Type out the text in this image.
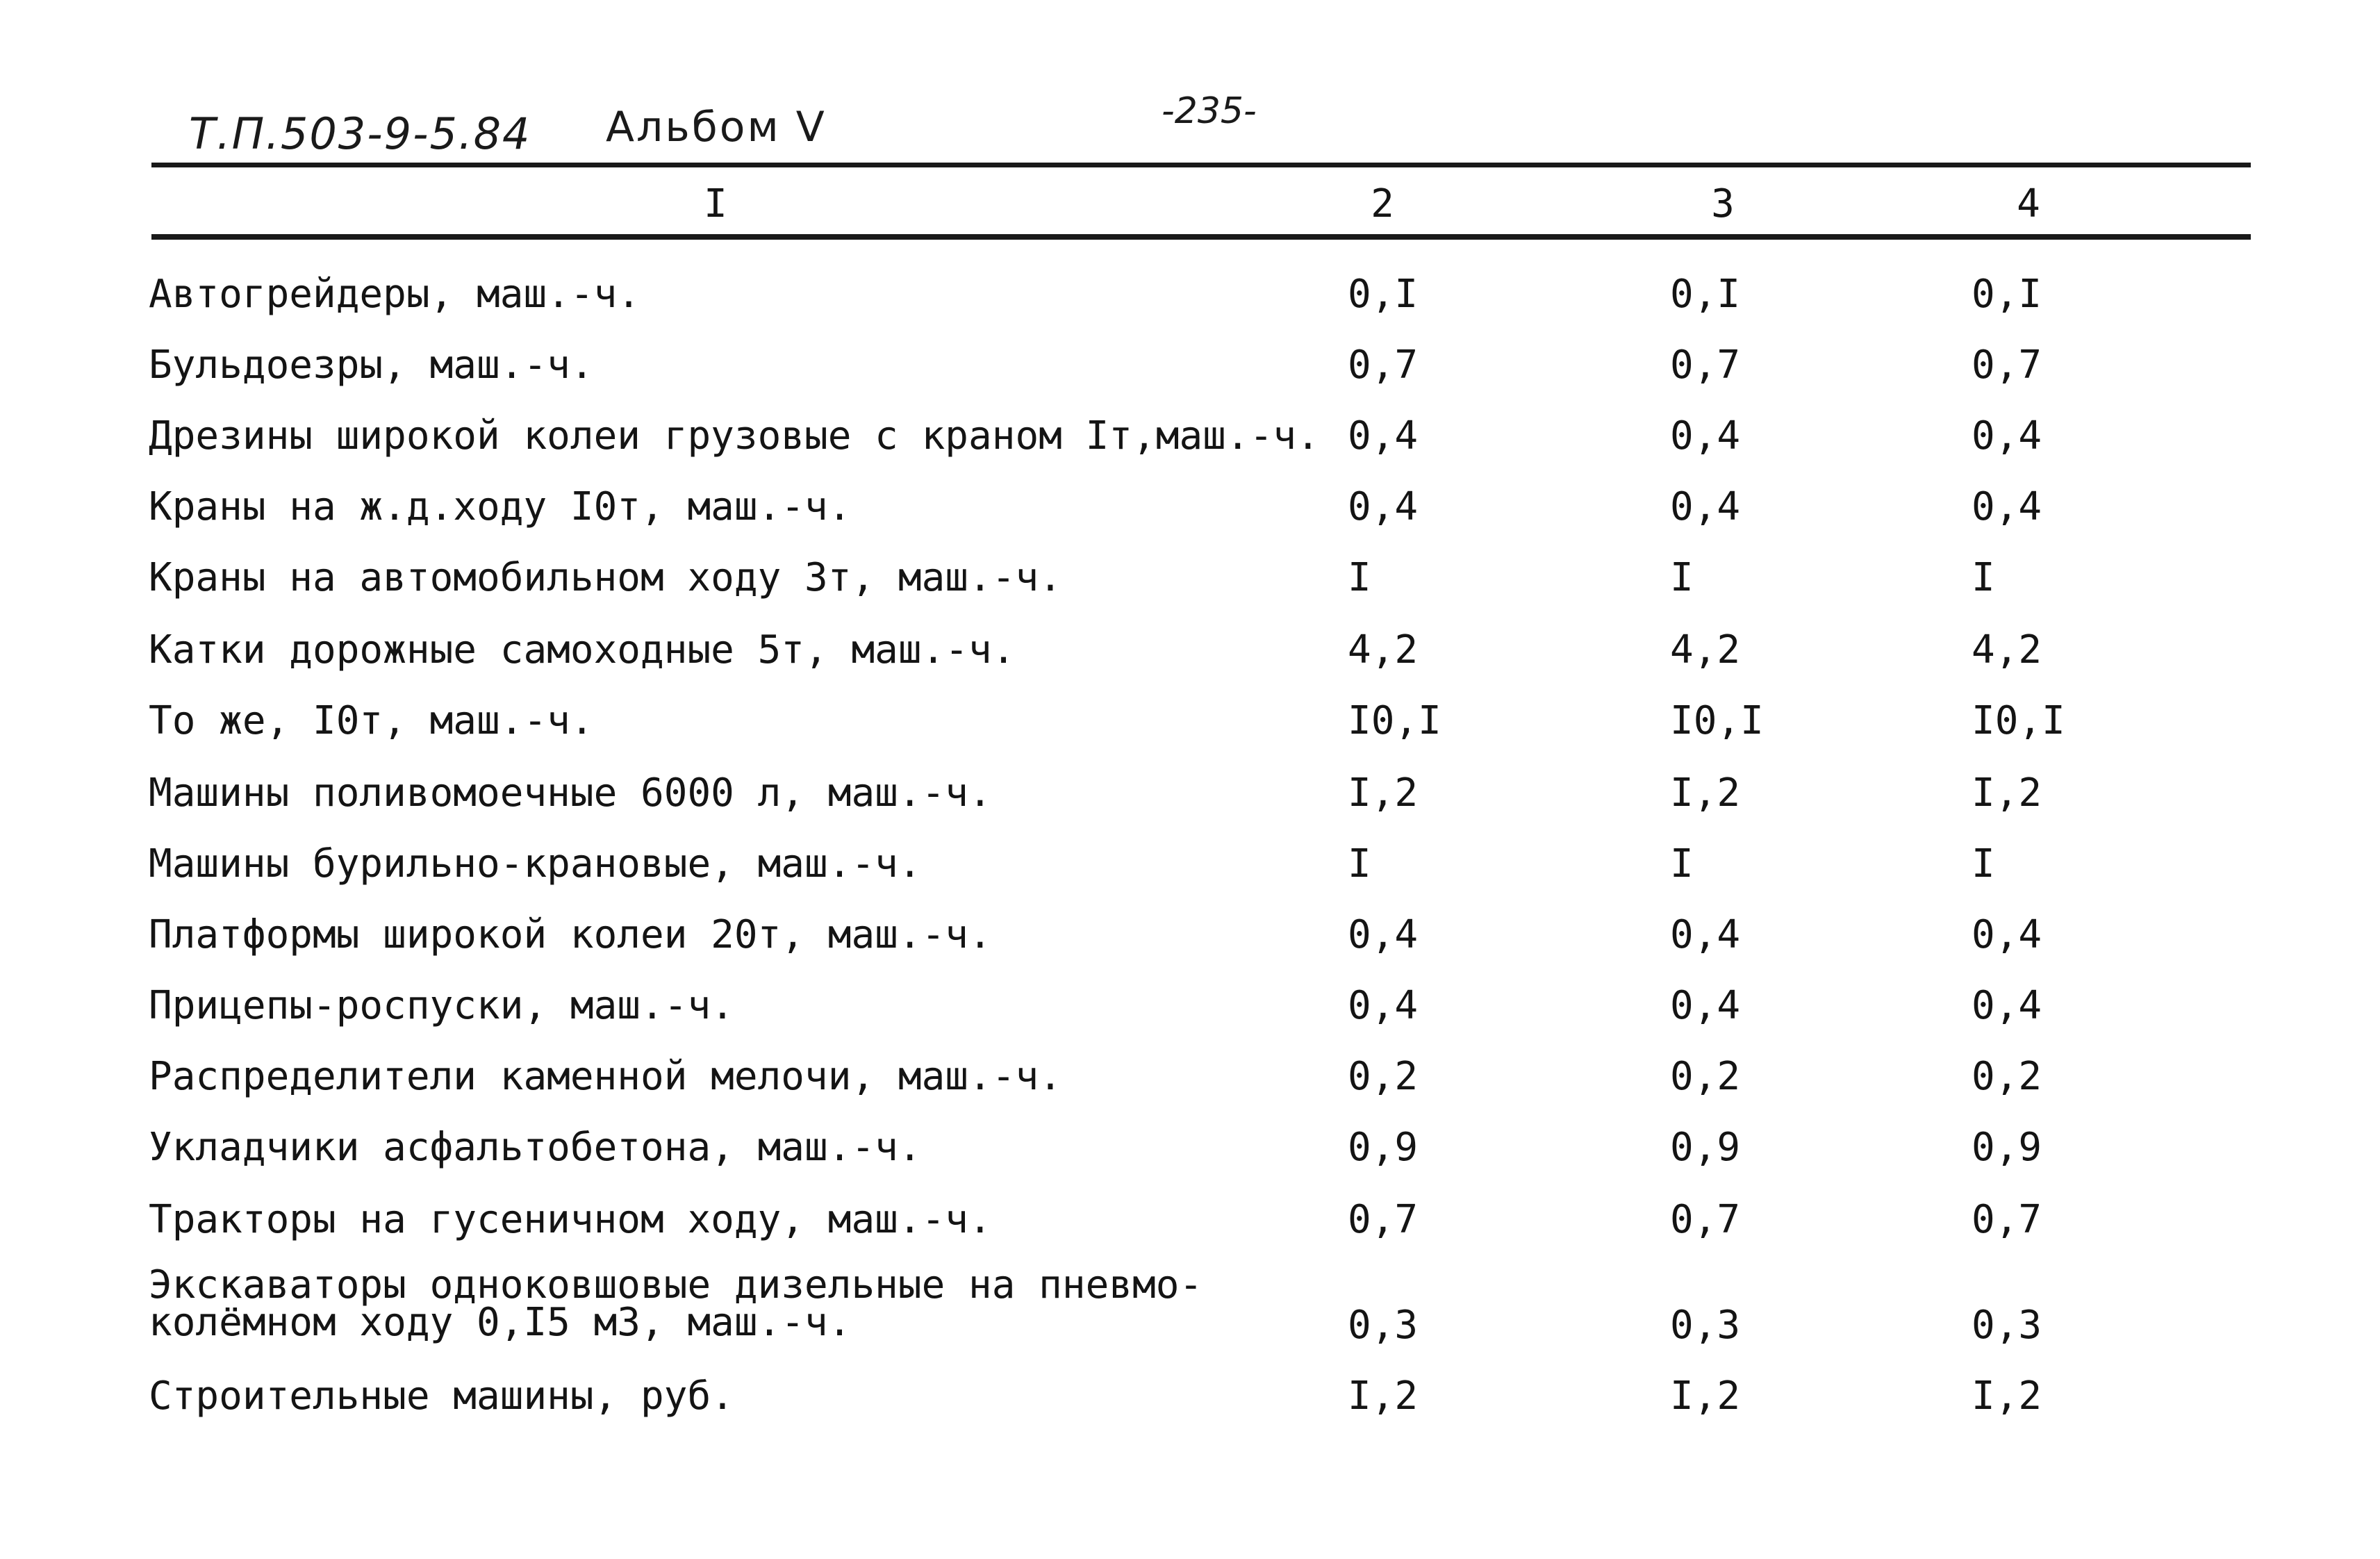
Т.П.503-9-5.84 Альбом V	-235-
I	2	3	4
Автогрейдеры, маш.-ч.	0,I	0,I	0,I
Бульдоезры, маш.-ч.	0,7	0,7	0,7
Дрезины широкой колеи грузовые с краном Iт,маш.-ч. 0,4	0,4	0,4
Краны на ж.д.ходу I0т, маш.-ч.	0,4	0,4	0,4
Краны на автомобильном ходу 3т, маш.-ч.	I	I	I
Катки дорожные самоходные 5т, маш.-ч.	4,2	4,2	4,2
То же, I0т, маш.-ч.	I0,I	I0,I	I0,I
Машины поливомоечные 6000 л, маш.-ч.	I,2	I,2	I,2
Машины бурильно-крановые, маш.-ч.	I	I	I
Платформы широкой колеи 20т, маш.-ч.	0,4	0,4	0,4
Прицепы-роспуски, маш.-ч.	0,4	0,4	0,4
Распределители каменной мелочи, маш.-ч.	0,2	0,2	0,2
Укладчики асфальтобетона, маш.-ч.	0,9	0,9	0,9
Тракторы на гусеничном ходу, маш.-ч.	0,7	0,7	0,7
Экскаваторы одноковшовые дизельные на пневмо-
колёмном ходу 0,I5 м3, маш.-ч.	0,3	0,3	0,3
Строительные машины, руб.	I,2	I,2	I,2
